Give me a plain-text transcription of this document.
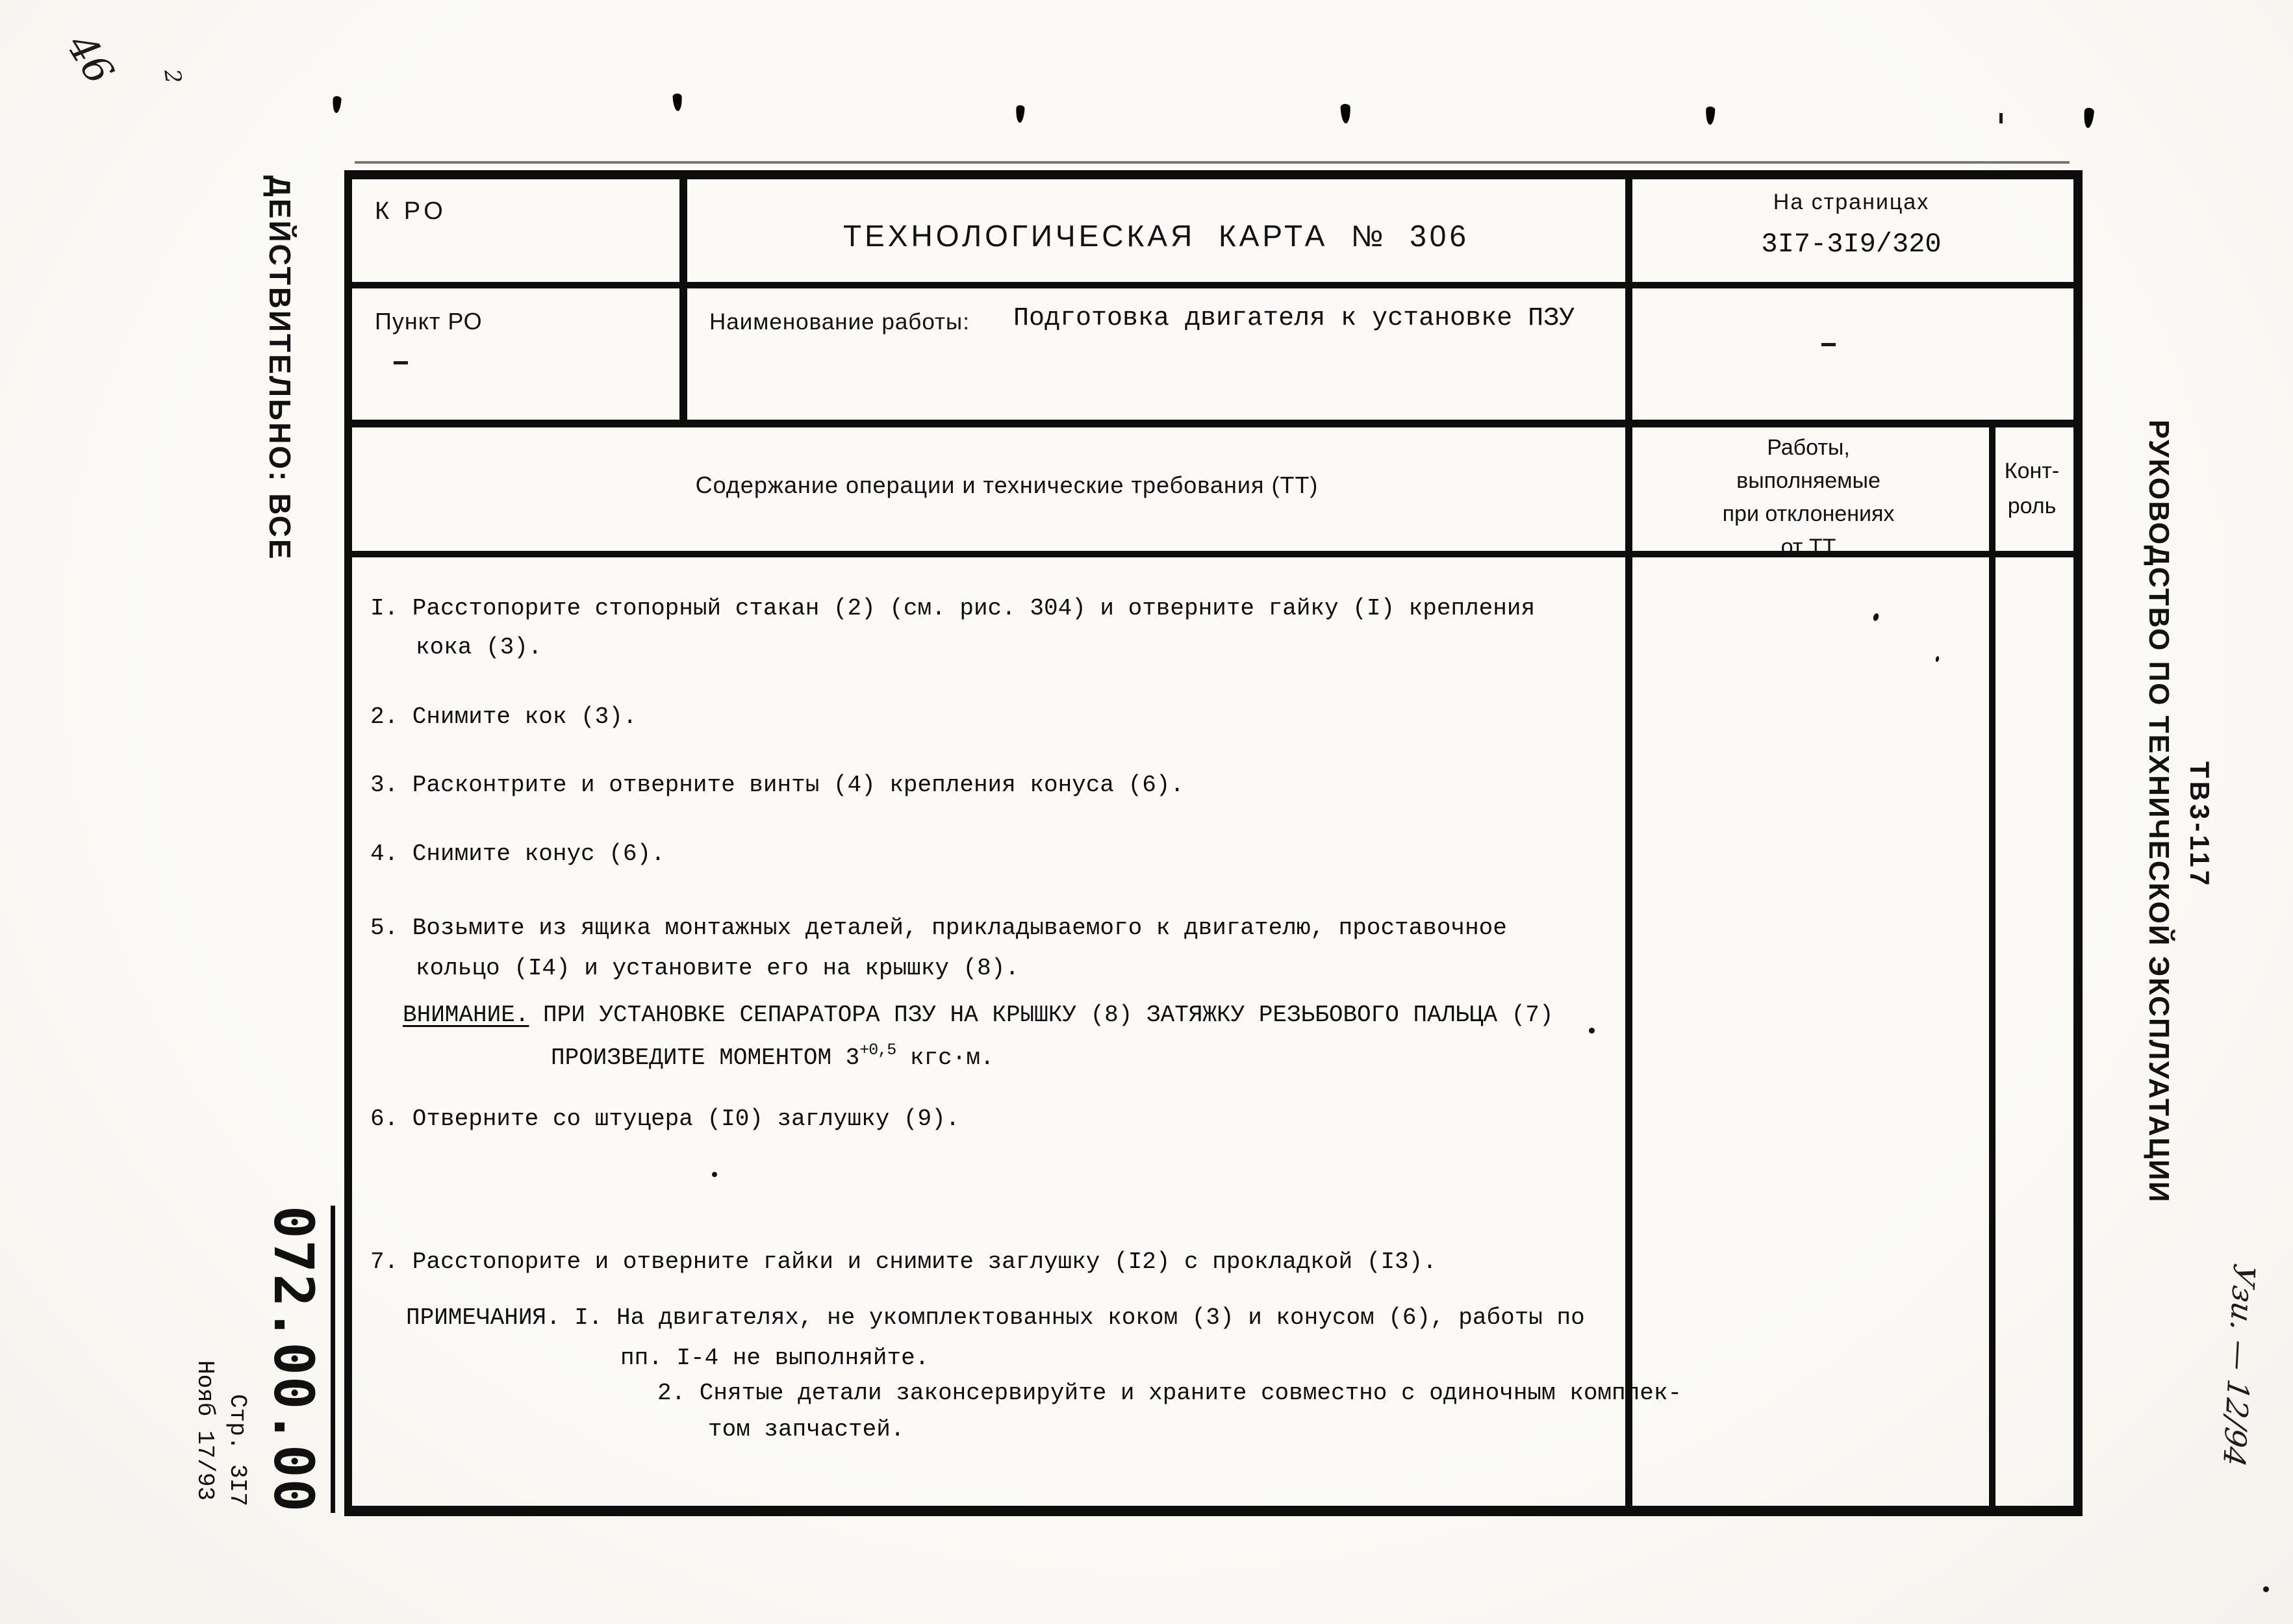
К РО
Пункт РО
ТЕХНОЛОГИЧЕСКАЯ КАРТА № 306
На страницах
3I7-3I9/320
Наименование работы: Подготовка двигателя к установке ПЗУ
Содержание операции и технические требования (ТТ)
Работы,
выполняемые
при отклонениях
от ТТ
Конт-
роль
I. Расстопорите стопорный стакан (2) (см. рис. 304) и отверните гайку (I) крепления
кока (3).
2. Снимите кок (3).
3. Расконтрите и отверните винты (4) крепления конуса (6).
4. Снимите конус (6).
5. Возьмите из ящика монтажных деталей, прикладываемого к двигателю, проставочное
кольцо (I4) и установите его на крышку (8).
ВНИМАНИЕ. ПРИ УСТАНОВКЕ СЕПАРАТОРА ПЗУ НА КРЫШКУ (8) ЗАТЯЖКУ РЕЗЬБОВОГО ПАЛЬЦА (7)
ПРОИЗВЕДИТЕ МОМЕНТОМ $3^{+0,5}$ кгс·м.
6. Отверните со штуцера (I0) заглушку (9).
7. Расстопорите и отверните гайки и снимите заглушку (I2) с прокладкой (I3).
ПРИМЕЧАНИЯ. I. На двигателях, не укомплектованных коком (3) и конусом (6), работы по
пп. I-4 не выполняйте.
2. Снятые детали законсервируйте и храните совместно с одиночным комплек-
том запчастей.
ДЕЙСТВИТЕЛЬНО: ВСЕ
072.00.00
Стр. 3I7
Нояб 17/93
РУКОВОДСТВО ПО ТЕХНИЧЕСКОЙ ЭКСПЛУАТАЦИИ ТВ3-117
Узи. — 12/94
46 2
